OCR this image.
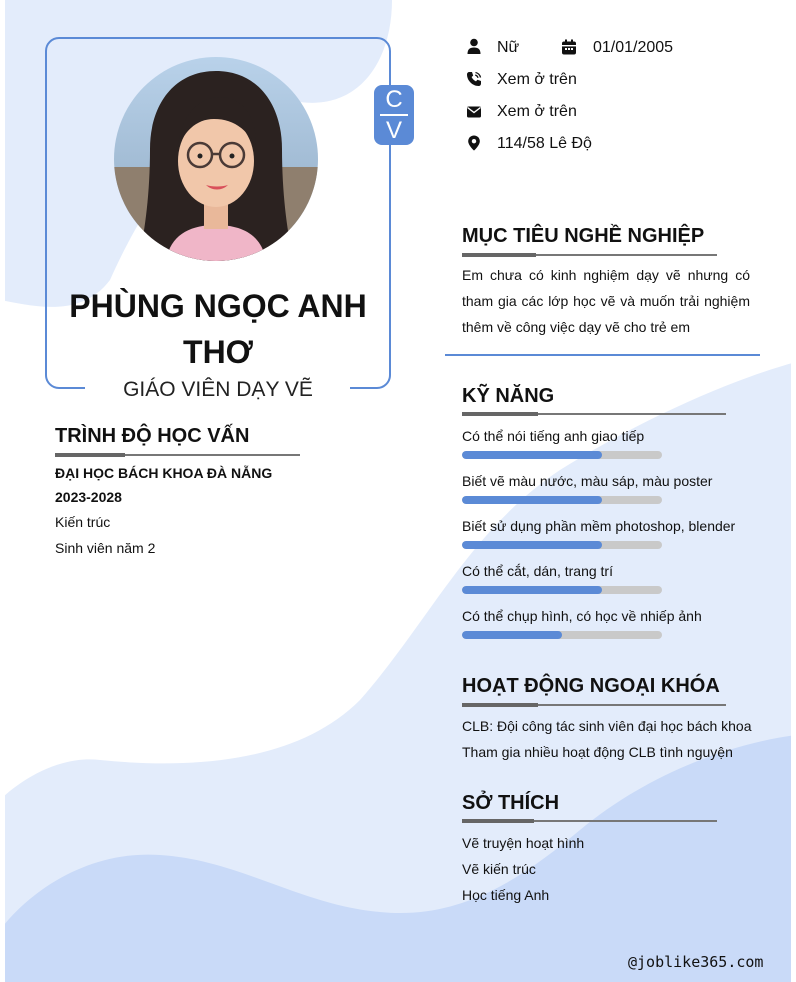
C
V
PHÙNG NGỌC ANH THƠ
GIÁO VIÊN DẠY VẼ
Nữ	01/01/2005
Xem ở trên
Xem ở trên
114/58 Lê Độ
MỤC TIÊU NGHỀ NGHIỆP
Em chưa có kinh nghiệm dạy vẽ nhưng có tham gia các lớp học vẽ và muốn trải nghiệm thêm về công việc dạy vẽ cho trẻ em
TRÌNH ĐỘ HỌC VẤN
ĐẠI HỌC BÁCH KHOA ĐÀ NẴNG
2023-2028
Kiến trúc
Sinh viên năm 2
KỸ NĂNG
Có thể nói tiếng anh giao tiếp
Biết vẽ màu nước, màu sáp, màu poster
Biết sử dụng phần mềm photoshop, blender
Có thể cắt, dán, trang trí
Có thể chụp hình, có học về nhiếp ảnh
HOẠT ĐỘNG NGOẠI KHÓA
CLB: Đội công tác sinh viên đại học bách khoa
Tham gia nhiều hoạt động CLB tình nguyện
SỞ THÍCH
Vẽ truyện hoạt hình
Vẽ kiến trúc
Học tiếng Anh
@joblike365.com
